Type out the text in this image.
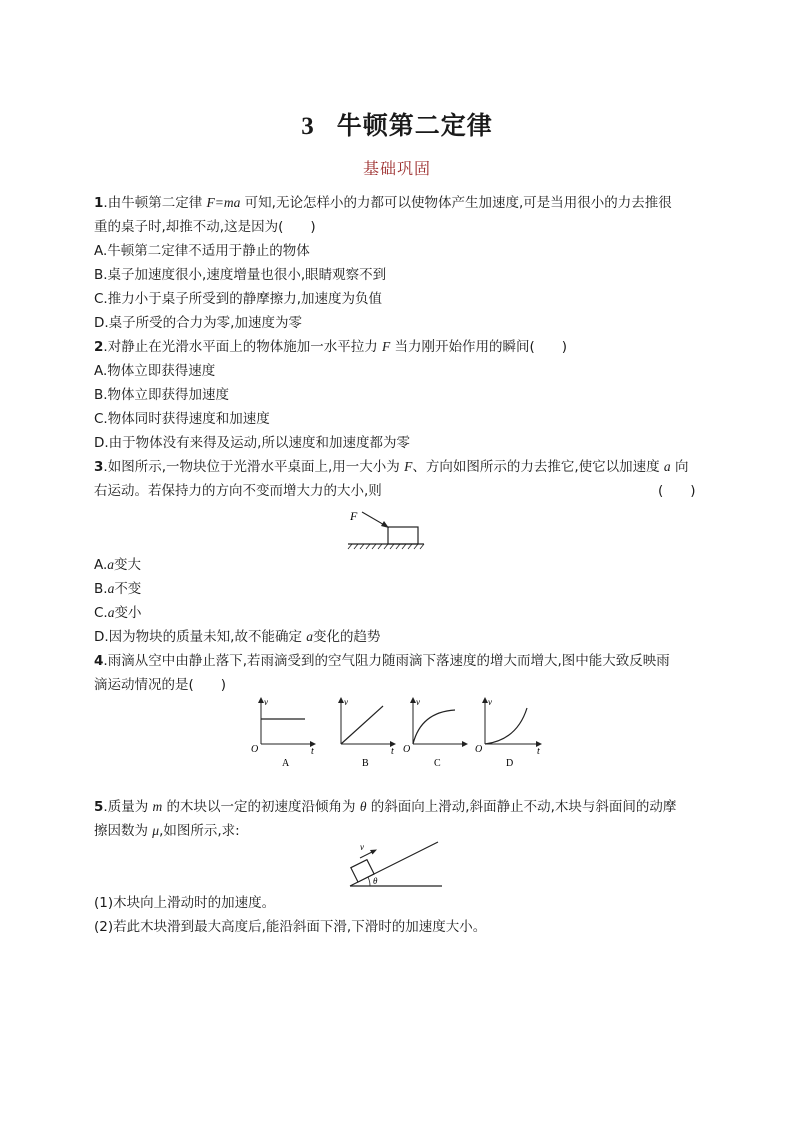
3 牛顿第二定律
基础巩固
1.由牛顿第二定律 F=ma 可知,无论怎样小的力都可以使物体产生加速度,可是当用很小的力去推很
重的桌子时,却推不动,这是因为(　　)
A.牛顿第二定律不适用于静止的物体
B.桌子加速度很小,速度增量也很小,眼睛观察不到
C.推力小于桌子所受到的静摩擦力,加速度为负值
D.桌子所受的合力为零,加速度为零
2.对静止在光滑水平面上的物体施加一水平拉力 F 当力刚开始作用的瞬间(　　)
A.物体立即获得速度
B.物体立即获得加速度
C.物体同时获得速度和加速度
D.由于物体没有来得及运动,所以速度和加速度都为零
3.如图所示,一物块位于光滑水平桌面上,用一大小为 F、方向如图所示的力去推它,使它以加速度 a 向
右运动。若保持力的方向不变而增大力的大小,则	(　　)
F
A.a变大
B.a不变
C.a变小
D.因为物块的质量未知,故不能确定 a变化的趋势
4.雨滴从空中由静止落下,若雨滴受到的空气阻力随雨滴下落速度的增大而增大,图中能大致反映雨
滴运动情况的是(　　)
v
t
O
A
v
t
B
v
O
C
v
t
O
D
5.质量为 m 的木块以一定的初速度沿倾角为 θ 的斜面向上滑动,斜面静止不动,木块与斜面间的动摩
擦因数为 μ,如图所示,求:
v
θ
(1)木块向上滑动时的加速度。
(2)若此木块滑到最大高度后,能沿斜面下滑,下滑时的加速度大小。
